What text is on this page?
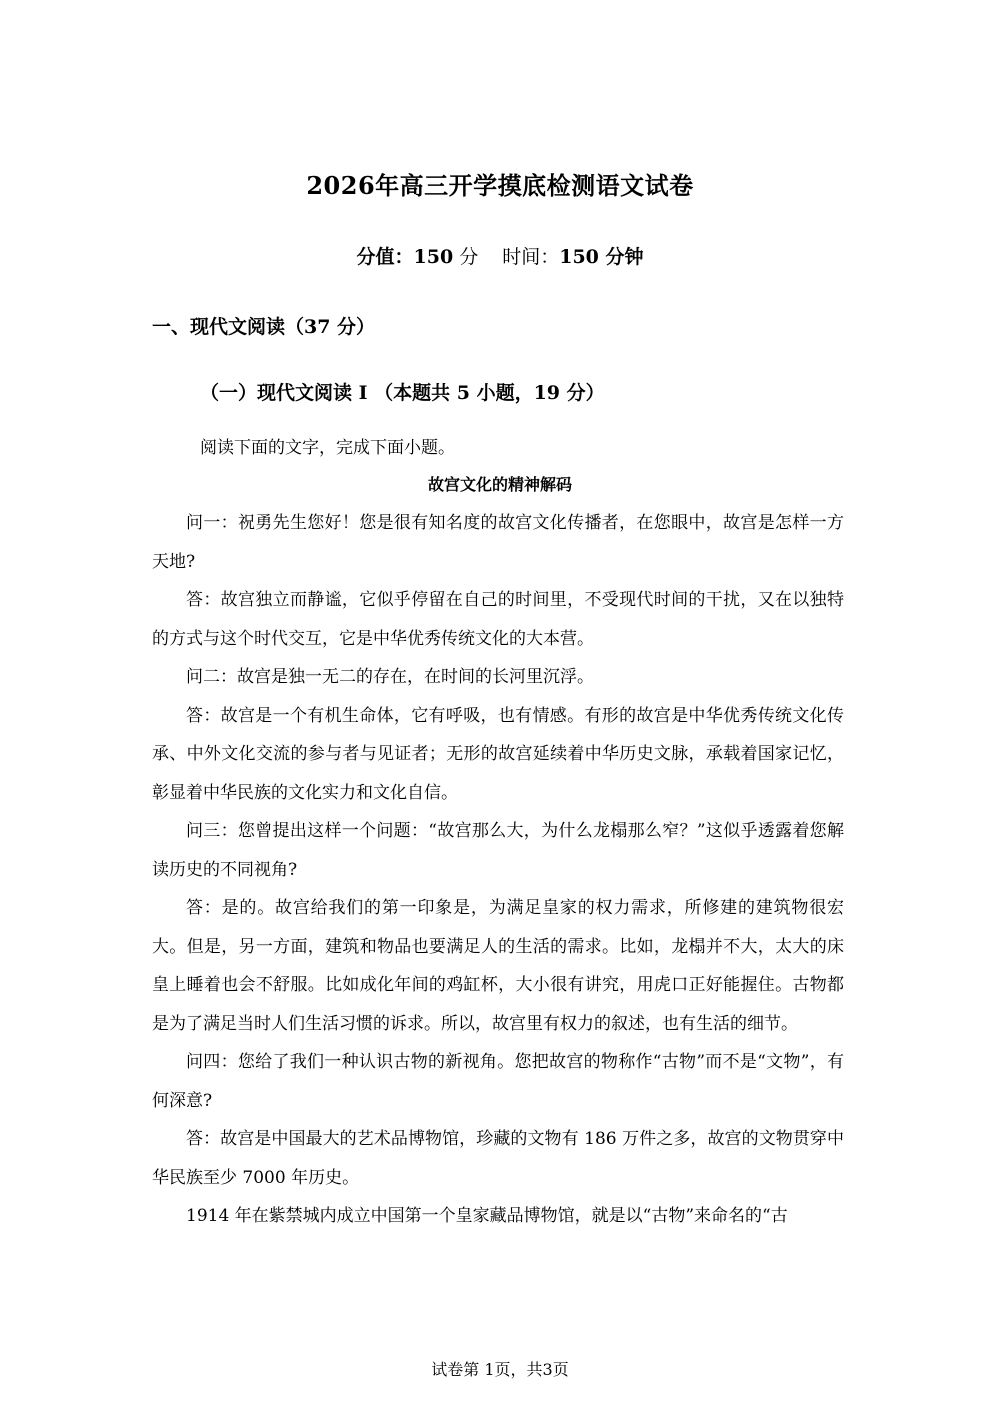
2026年高三开学摸底检测语文试卷
分值：150 分 时间：150 分钟
一、现代文阅读（37 分）
（一）现代文阅读 I （本题共 5 小题，19 分）
阅读下面的文字，完成下面小题。
故宫文化的精神解码

问一：祝勇先生您好！您是很有知名度的故宫文化传播者，在您眼中，故宫是怎样一方天地?

答：故宫独立而静谧，它似乎停留在自己的时间里，不受现代时间的干扰，又在以独特的方式与这个时代交互，它是中华优秀传统文化的大本营。

问二：故宫是独一无二的存在，在时间的长河里沉浮。

答：故宫是一个有机生命体，它有呼吸，也有情感。有形的故宫是中华优秀传统文化传承、中外文化交流的参与者与见证者；无形的故宫延续着中华历史文脉，承载着国家记忆，彰显着中华民族的文化实力和文化自信。

问三：您曾提出这样一个问题：“故宫那么大，为什么龙榻那么窄？”这似乎透露着您解读历史的不同视角?

答：是的。故宫给我们的第一印象是，为满足皇家的权力需求，所修建的建筑物很宏大。但是，另一方面，建筑和物品也要满足人的生活的需求。比如，龙榻并不大，太大的床皇上睡着也会不舒服。比如成化年间的鸡缸杯，大小很有讲究，用虎口正好能握住。古物都是为了满足当时人们生活习惯的诉求。所以，故宫里有权力的叙述，也有生活的细节。

问四：您给了我们一种认识古物的新视角。您把故宫的物称作“古物”而不是“文物”，有何深意?

答：故宫是中国最大的艺术品博物馆，珍藏的文物有 186 万件之多，故宫的文物贯穿中华民族至少 7000 年历史。

1914 年在紫禁城内成立中国第一个皇家藏品博物馆，就是以“古物”来命名的“古

试卷第 1页，共3页
